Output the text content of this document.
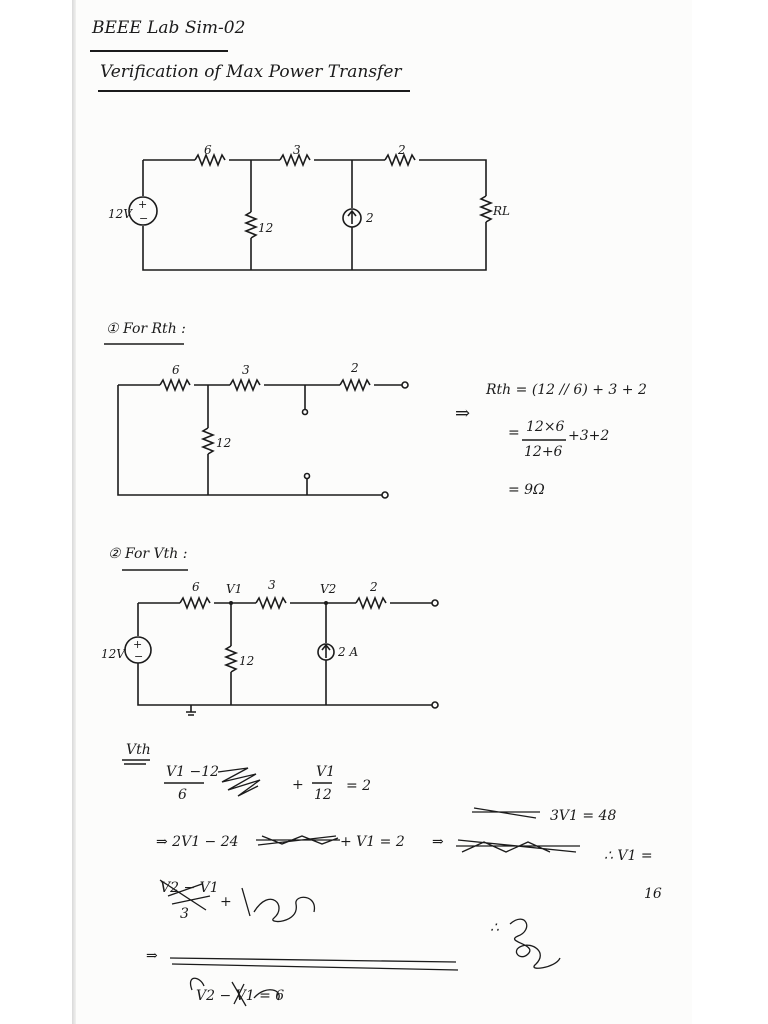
BEEE Lab Sim-02
Verification of Max Power Transfer
+
−
6	3	2
12
2
12V	RL
① For Rth :
6	3	2
12
⇒
Rth = (12 // 6) + 3 + 2
= 12×6
12+6
+3+2
= 9Ω
② For Vth :
+
−
6 V1 3	V2	2
12
2 A
12V
Vth
V1 −12
6
+
V1
12
= 2
3V1 = 48
⇒ 2V1 − 24	+ V1 = 2 ⇒
∴ V1 =
16
V2 − V1
3
+
⇒
V2 − V1 = 6
∴
